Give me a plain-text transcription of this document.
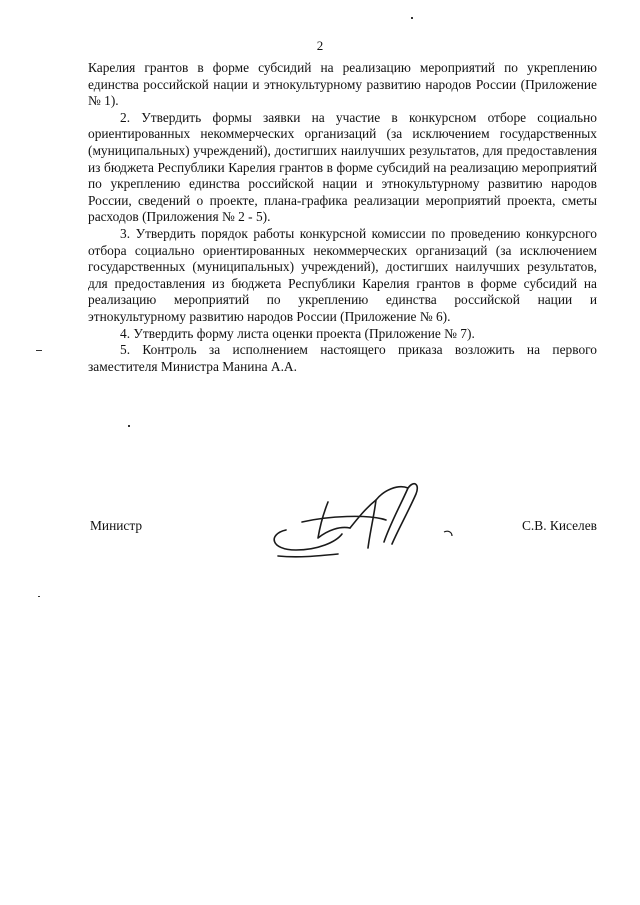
2

Карелия грантов в форме субсидий на реализацию мероприятий по укреплению единства российской нации и этнокультурному развитию народов России (Приложение № 1).

2. Утвердить формы заявки на участие в конкурсном отборе социально ориентированных некоммерческих организаций (за исключением государственных (муниципальных) учреждений), достигших наилучших результатов, для предоставления из бюджета Республики Карелия грантов в форме субсидий на реализацию мероприятий по укреплению единства российской нации и этнокультурному развитию народов России, сведений о проекте, плана-графика реализации мероприятий проекта, сметы расходов (Приложения № 2 - 5).

3. Утвердить порядок работы конкурсной комиссии по проведению конкурсного отбора социально ориентированных некоммерческих организаций (за исключением государственных (муниципальных) учреждений), достигших наилучших результатов, для предоставления из бюджета Республики Карелия грантов в форме субсидий на реализацию мероприятий по укреплению единства российской нации и этнокультурному развитию народов России (Приложение № 6).

4. Утвердить форму листа оценки проекта (Приложение № 7).

5. Контроль за исполнением настоящего приказа возложить на первого заместителя Министра Манина А.А.

Министр	С.В. Киселев
